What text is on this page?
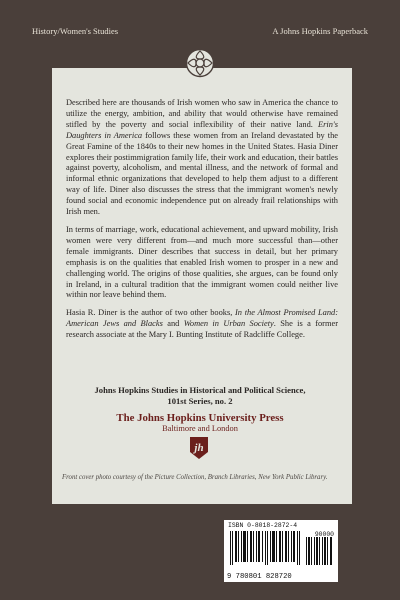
History/Women's Studies	A Johns Hopkins Paperback

Described here are thousands of Irish women who saw in America the chance to utilize the energy, ambition, and ability that would otherwise have remained stifled by the poverty and social inflexibility of their native land. Erin's Daughters in America follows these women from an Ireland devastated by the Great Famine of the 1840s to their new homes in the United States. Hasia Diner explores their postimmigration family life, their work and education, their battles against poverty, alcoholism, and mental illness, and the network of formal and informal ethnic organizations that developed to help them adjust to a different way of life. Diner also discusses the stress that the immigrant women's newly found social and economic independence put on already frail relationships with Irish men.

In terms of marriage, work, educational achievement, and upward mobility, Irish women were very different from—and much more successful than—other female immigrants. Diner describes that success in detail, but her primary emphasis is on the qualities that enabled Irish women to prosper in a new and challenging world. The origins of those qualities, she argues, can be found only in Ireland, in a cultural tradition that the immigrant women could neither live within nor leave behind them.

Hasia R. Diner is the author of two other books, In the Almost Promised Land: American Jews and Blacks and Women in Urban Society. She is a former research associate at the Mary I. Bunting Institute of Radcliffe College.

Johns Hopkins Studies in Historical and Political Science,
101st Series, no. 2
The Johns Hopkins University Press
Baltimore and London
jh
Front cover photo courtesy of the Picture Collection, Branch Libraries, New York Public Library.
ISBN 0-8018-2872-4
90000
9 780801 828720
